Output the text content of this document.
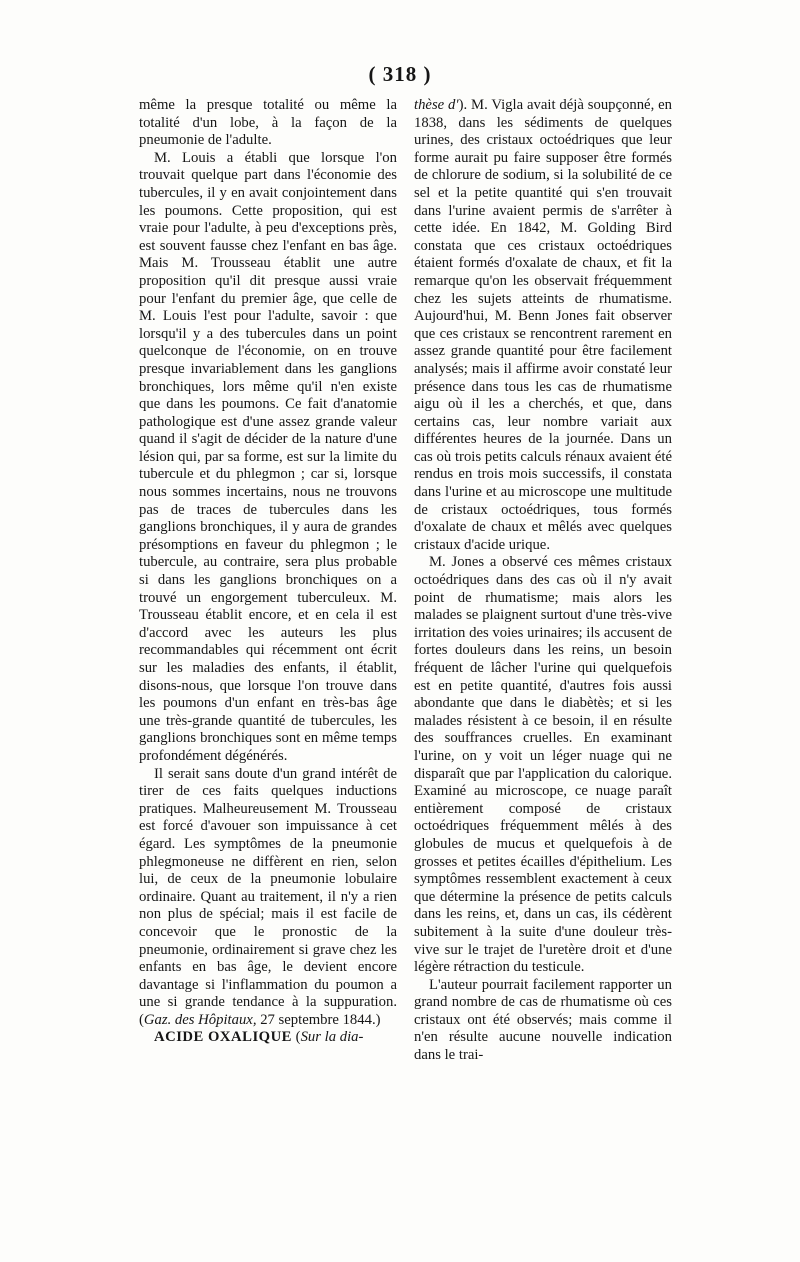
( 318 )

même la presque totalité ou même la totalité d'un lobe, à la façon de la pneumonie de l'adulte.

M. Louis a établi que lorsque l'on trouvait quelque part dans l'économie des tubercules, il y en avait conjointement dans les poumons. Cette proposition, qui est vraie pour l'adulte, à peu d'exceptions près, est souvent fausse chez l'enfant en bas âge. Mais M. Trousseau établit une autre proposition qu'il dit presque aussi vraie pour l'enfant du premier âge, que celle de M. Louis l'est pour l'adulte, savoir : que lorsqu'il y a des tubercules dans un point quelconque de l'économie, on en trouve presque invariablement dans les ganglions bronchiques, lors même qu'il n'en existe que dans les poumons. Ce fait d'anatomie pathologique est d'une assez grande valeur quand il s'agit de décider de la nature d'une lésion qui, par sa forme, est sur la limite du tubercule et du phlegmon ; car si, lorsque nous sommes incertains, nous ne trouvons pas de traces de tubercules dans les ganglions bronchiques, il y aura de grandes présomptions en faveur du phlegmon ; le tubercule, au contraire, sera plus probable si dans les ganglions bronchiques on a trouvé un engorgement tuberculeux. M. Trousseau établit encore, et en cela il est d'accord avec les auteurs les plus recommandables qui récemment ont écrit sur les maladies des enfants, il établit, disons-nous, que lorsque l'on trouve dans les poumons d'un enfant en très-bas âge une très-grande quantité de tubercules, les ganglions bronchiques sont en même temps profondément dégénérés.

Il serait sans doute d'un grand intérêt de tirer de ces faits quelques inductions pratiques. Malheureusement M. Trousseau est forcé d'avouer son impuissance à cet égard. Les symptômes de la pneumonie phlegmoneuse ne diffèrent en rien, selon lui, de ceux de la pneumonie lobulaire ordinaire. Quant au traitement, il n'y a rien non plus de spécial; mais il est facile de concevoir que le pronostic de la pneumonie, ordinairement si grave chez les enfants en bas âge, le devient encore davantage si l'inflammation du poumon a une si grande tendance à la suppuration. (Gaz. des Hôpitaux, 27 septembre 1844.)

ACIDE OXALIQUE (Sur la dia-

thèse d'). M. Vigla avait déjà soupçonné, en 1838, dans les sédiments de quelques urines, des cristaux octoédriques que leur forme aurait pu faire supposer être formés de chlorure de sodium, si la solubilité de ce sel et la petite quantité qui s'en trouvait dans l'urine avaient permis de s'arrêter à cette idée. En 1842, M. Golding Bird constata que ces cristaux octoédriques étaient formés d'oxalate de chaux, et fit la remarque qu'on les observait fréquemment chez les sujets atteints de rhumatisme. Aujourd'hui, M. Benn Jones fait observer que ces cristaux se rencontrent rarement en assez grande quantité pour être facilement analysés; mais il affirme avoir constaté leur présence dans tous les cas de rhumatisme aigu où il les a cherchés, et que, dans certains cas, leur nombre variait aux différentes heures de la journée. Dans un cas où trois petits calculs rénaux avaient été rendus en trois mois successifs, il constata dans l'urine et au microscope une multitude de cristaux octoédriques, tous formés d'oxalate de chaux et mêlés avec quelques cristaux d'acide urique.

M. Jones a observé ces mêmes cristaux octoédriques dans des cas où il n'y avait point de rhumatisme; mais alors les malades se plaignent surtout d'une très-vive irritation des voies urinaires; ils accusent de fortes douleurs dans les reins, un besoin fréquent de lâcher l'urine qui quelquefois est en petite quantité, d'autres fois aussi abondante que dans le diabètès; et si les malades résistent à ce besoin, il en résulte des souffrances cruelles. En examinant l'urine, on y voit un léger nuage qui ne disparaît que par l'application du calorique. Examiné au microscope, ce nuage paraît entièrement composé de cristaux octoédriques fréquemment mêlés à des globules de mucus et quelquefois à de grosses et petites écailles d'épithelium. Les symptômes ressemblent exactement à ceux que détermine la présence de petits calculs dans les reins, et, dans un cas, ils cédèrent subitement à la suite d'une douleur très-vive sur le trajet de l'uretère droit et d'une légère rétraction du testicule.

L'auteur pourrait facilement rapporter un grand nombre de cas de rhumatisme où ces cristaux ont été observés; mais comme il n'en résulte aucune nouvelle indication dans le trai-
